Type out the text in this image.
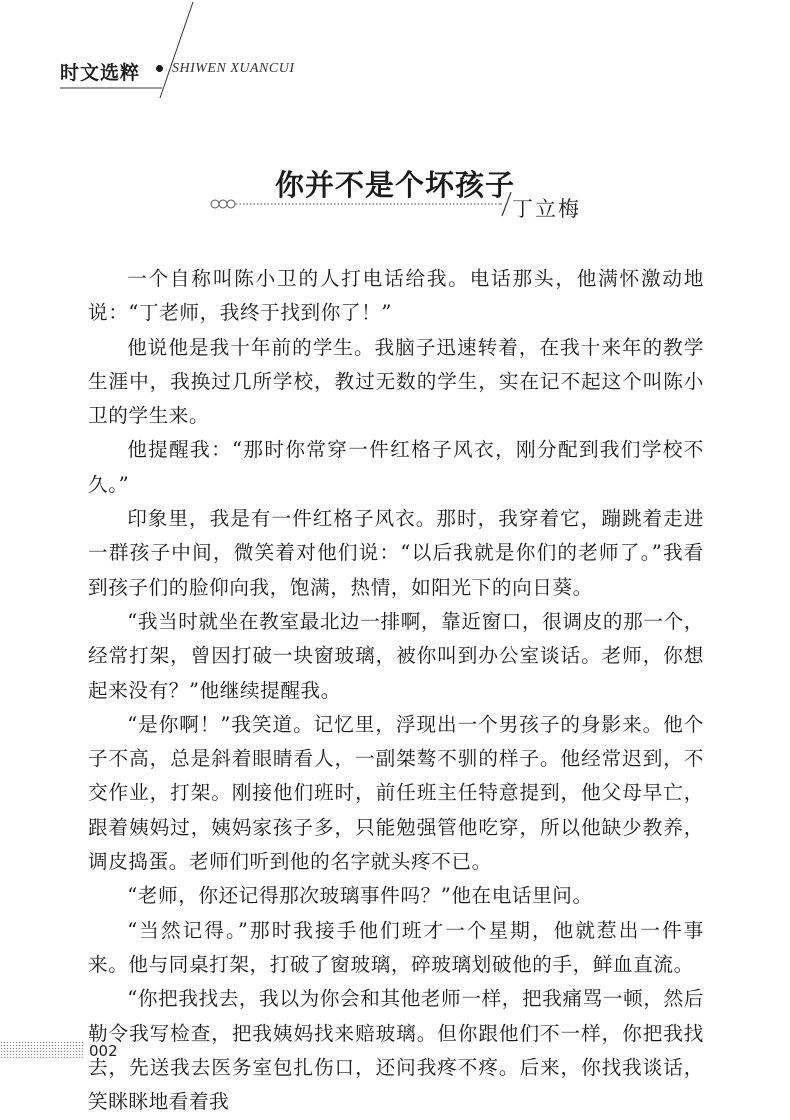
时文选粹 SHIWEN XUANCUI
你并不是个坏孩子
丁立梅

一个自称叫陈小卫的人打电话给我。电话那头，他满怀激动地说：“丁老师，我终于找到你了！”

他说他是我十年前的学生。我脑子迅速转着，在我十来年的教学生涯中，我换过几所学校，教过无数的学生，实在记不起这个叫陈小卫的学生来。

他提醒我：“那时你常穿一件红格子风衣，刚分配到我们学校不久。”

印象里，我是有一件红格子风衣。那时，我穿着它，蹦跳着走进一群孩子中间，微笑着对他们说：“以后我就是你们的老师了。”我看到孩子们的脸仰向我，饱满，热情，如阳光下的向日葵。

“我当时就坐在教室最北边一排啊，靠近窗口，很调皮的那一个，经常打架，曾因打破一块窗玻璃，被你叫到办公室谈话。老师，你想起来没有？”他继续提醒我。

“是你啊！”我笑道。记忆里，浮现出一个男孩子的身影来。他个子不高，总是斜着眼睛看人，一副桀骜不驯的样子。他经常迟到，不交作业，打架。刚接他们班时，前任班主任特意提到，他父母早亡，跟着姨妈过，姨妈家孩子多，只能勉强管他吃穿，所以他缺少教养，调皮捣蛋。老师们听到他的名字就头疼不已。

“老师，你还记得那次玻璃事件吗？”他在电话里问。

“当然记得。”那时我接手他们班才一个星期，他就惹出一件事来。他与同桌打架，打破了窗玻璃，碎玻璃划破他的手，鲜血直流。

“你把我找去，我以为你会和其他老师一样，把我痛骂一顿，然后勒令我写检查，把我姨妈找来赔玻璃。但你跟他们不一样，你把我找去，先送我去医务室包扎伤口，还问我疼不疼。后来，你找我谈话，笑眯眯地看着我

002
